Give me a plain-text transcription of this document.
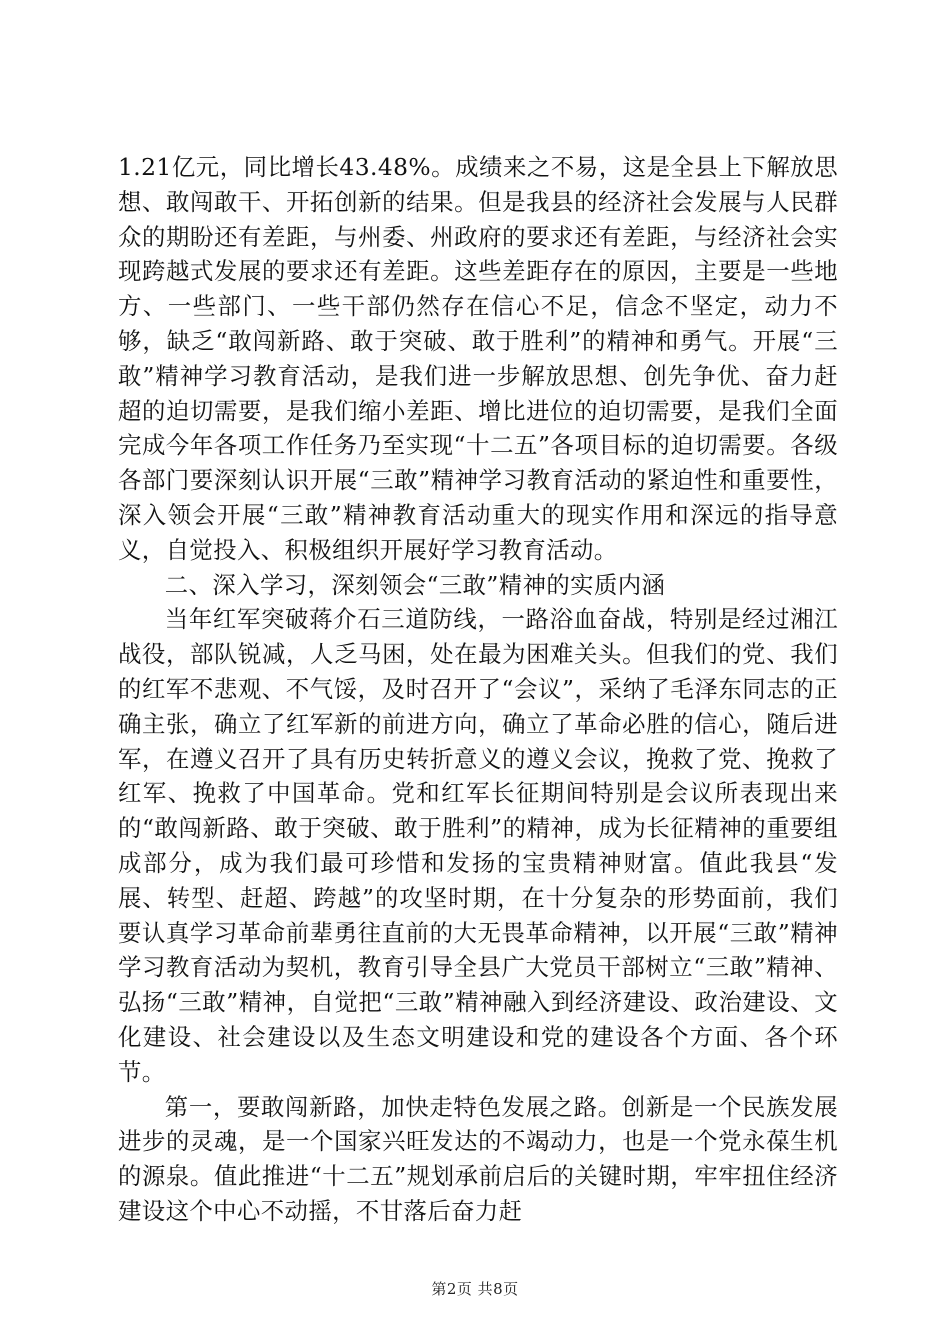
1.21亿元，同比增长43.48%。成绩来之不易，这是全县上下解放思想、敢闯敢干、开拓创新的结果。但是我县的经济社会发展与人民群众的期盼还有差距，与州委、州政府的要求还有差距，与经济社会实现跨越式发展的要求还有差距。这些差距存在的原因，主要是一些地方、一些部门、一些干部仍然存在信心不足，信念不坚定，动力不够，缺乏“敢闯新路、敢于突破、敢于胜利”的精神和勇气。开展“三敢”精神学习教育活动，是我们进一步解放思想、创先争优、奋力赶超的迫切需要，是我们缩小差距、增比进位的迫切需要，是我们全面完成今年各项工作任务乃至实现“十二五”各项目标的迫切需要。各级各部门要深刻认识开展“三敢”精神学习教育活动的紧迫性和重要性，深入领会开展“三敢”精神教育活动重大的现实作用和深远的指导意义，自觉投入、积极组织开展好学习教育活动。

二、深入学习，深刻领会“三敢”精神的实质内涵

当年红军突破蒋介石三道防线，一路浴血奋战，特别是经过湘江战役，部队锐减，人乏马困，处在最为困难关头。但我们的党、我们的红军不悲观、不气馁，及时召开了“会议”，采纳了毛泽东同志的正确主张，确立了红军新的前进方向，确立了革命必胜的信心，随后进军，在遵义召开了具有历史转折意义的遵义会议，挽救了党、挽救了红军、挽救了中国革命。党和红军长征期间特别是会议所表现出来的“敢闯新路、敢于突破、敢于胜利”的精神，成为长征精神的重要组成部分，成为我们最可珍惜和发扬的宝贵精神财富。值此我县“发展、转型、赶超、跨越”的攻坚时期，在十分复杂的形势面前，我们要认真学习革命前辈勇往直前的大无畏革命精神，以开展“三敢”精神学习教育活动为契机，教育引导全县广大党员干部树立“三敢”精神、弘扬“三敢”精神，自觉把“三敢”精神融入到经济建设、政治建设、文化建设、社会建设以及生态文明建设和党的建设各个方面、各个环节。

第一，要敢闯新路，加快走特色发展之路。创新是一个民族发展进步的灵魂，是一个国家兴旺发达的不竭动力，也是一个党永葆生机的源泉。值此推进“十二五”规划承前启后的关键时期，牢牢扭住经济建设这个中心不动摇，不甘落后奋力赶

第2页 共8页
